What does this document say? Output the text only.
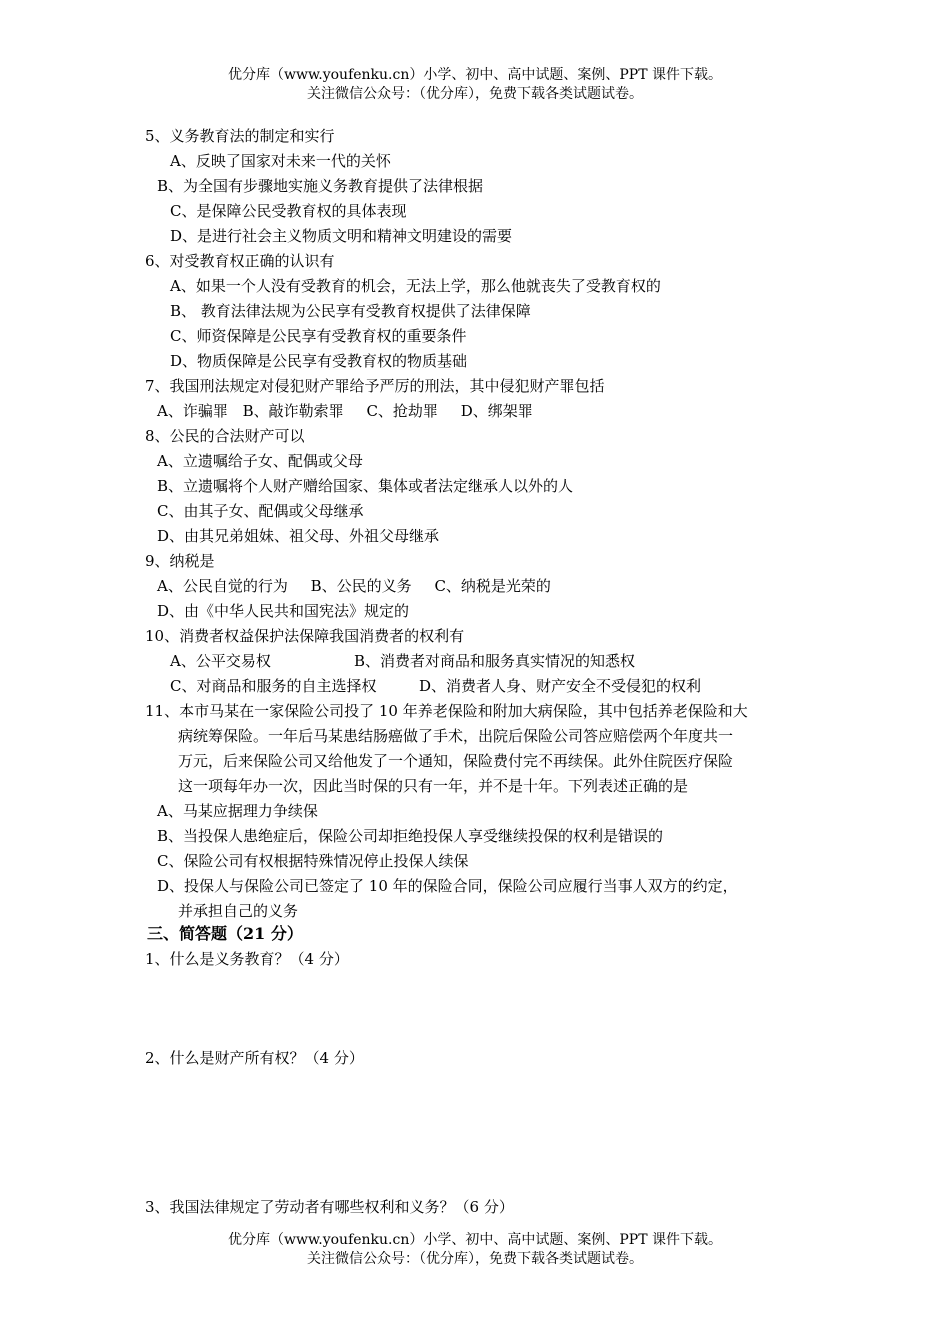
优分库（www.youfenku.cn）小学、初中、高中试题、案例、PPT 课件下载。
关注微信公众号：（优分库），免费下载各类试题试卷。
5、义务教育法的制定和实行
A、反映了国家对未来一代的关怀
B、为全国有步骤地实施义务教育提供了法律根据
C、是保障公民受教育权的具体表现
D、是进行社会主义物质文明和精神文明建设的需要
6、对受教育权正确的认识有
A、如果一个人没有受教育的机会，无法上学，那么他就丧失了受教育权的
B、 教育法律法规为公民享有受教育权提供了法律保障
C、师资保障是公民享有受教育权的重要条件
D、物质保障是公民享有受教育权的物质基础
7、我国刑法规定对侵犯财产罪给予严厉的刑法，其中侵犯财产罪包括
A、诈骗罪 B、敲诈勒索罪 C、抢劫罪 D、绑架罪
8、公民的合法财产可以
A、立遗嘱给子女、配偶或父母
B、立遗嘱将个人财产赠给国家、集体或者法定继承人以外的人
C、由其子女、配偶或父母继承
D、由其兄弟姐妹、祖父母、外祖父母继承
9、纳税是
A、公民自觉的行为 B、公民的义务 C、纳税是光荣的
D、由《中华人民共和国宪法》规定的
10、消费者权益保护法保障我国消费者的权利有
A、公平交易权	B、消费者对商品和服务真实情况的知悉权
C、对商品和服务的自主选择权	D、消费者人身、财产安全不受侵犯的权利
11、本市马某在一家保险公司投了 10 年养老保险和附加大病保险，其中包括养老保险和大
病统筹保险。一年后马某患结肠癌做了手术，出院后保险公司答应赔偿两个年度共一
万元，后来保险公司又给他发了一个通知，保险费付完不再续保。此外住院医疗保险
这一项每年办一次，因此当时保的只有一年，并不是十年。下列表述正确的是
A、马某应据理力争续保
B、当投保人患绝症后，保险公司却拒绝投保人享受继续投保的权利是错误的
C、保险公司有权根据特殊情况停止投保人续保
D、投保人与保险公司已签定了 10 年的保险合同，保险公司应履行当事人双方的约定，
并承担自己的义务
三、简答题（21 分）
1、什么是义务教育？（4 分）
2、什么是财产所有权？（4 分）
3、我国法律规定了劳动者有哪些权利和义务？（6 分）
优分库（www.youfenku.cn）小学、初中、高中试题、案例、PPT 课件下载。
关注微信公众号：（优分库），免费下载各类试题试卷。
